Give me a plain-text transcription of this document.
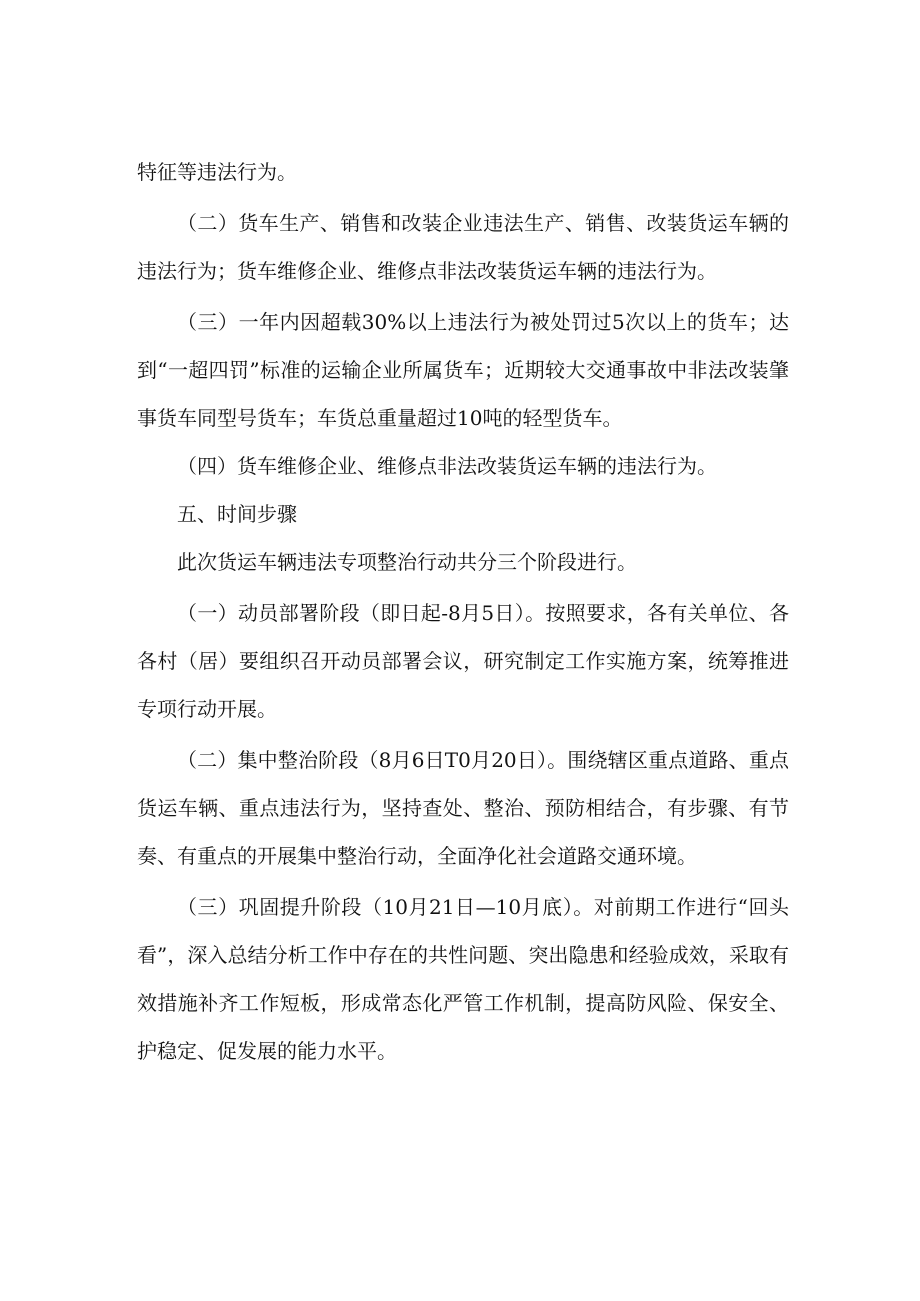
特征等违法行为。

（二）货车生产、销售和改装企业违法生产、销售、改装货运车辆的违法行为；货车维修企业、维修点非法改装货运车辆的违法行为。

（三）一年内因超载30%以上违法行为被处罚过5次以上的货车；达到“一超四罚”标准的运输企业所属货车；近期较大交通事故中非法改装肇事货车同型号货车；车货总重量超过10吨的轻型货车。

（四）货车维修企业、维修点非法改装货运车辆的违法行为。

五、时间步骤

此次货运车辆违法专项整治行动共分三个阶段进行。

（一）动员部署阶段（即日起-8月5日）。按照要求，各有关单位、各各村（居）要组织召开动员部署会议，研究制定工作实施方案，统筹推进专项行动开展。

（二）集中整治阶段（8月6日T0月20日）。围绕辖区重点道路、重点货运车辆、重点违法行为，坚持查处、整治、预防相结合，有步骤、有节奏、有重点的开展集中整治行动，全面净化社会道路交通环境。

（三）巩固提升阶段（10月21日—10月底）。对前期工作进行“回头看”，深入总结分析工作中存在的共性问题、突出隐患和经验成效，采取有效措施补齐工作短板，形成常态化严管工作机制，提高防风险、保安全、护稳定、促发展的能力水平。
